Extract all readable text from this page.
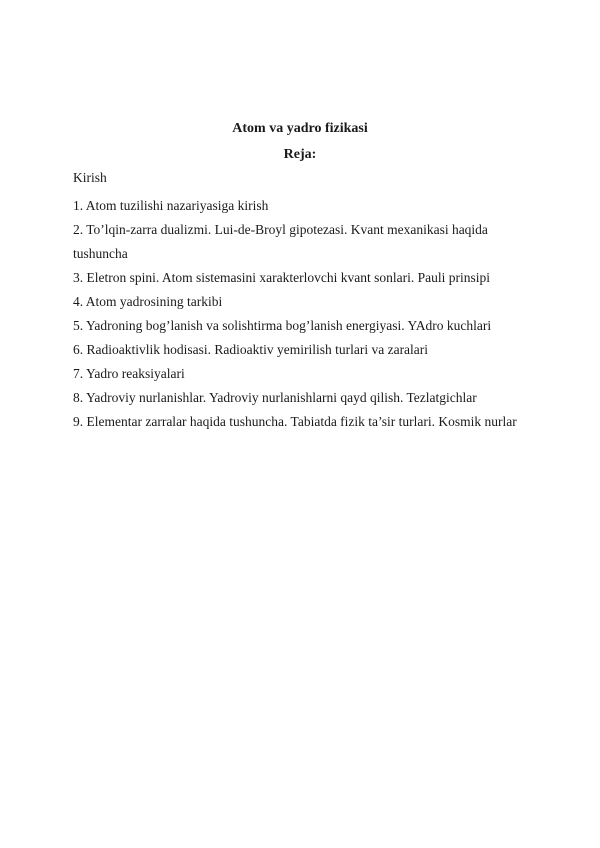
Atom va yadro fizikasi
Reja:

Kirish

1. Atom tuzilishi nazariyasiga kirish
2. To’lqin-zarra dualizmi. Lui-de-Broyl gipotezasi. Kvant mexanikasi haqida tushuncha
3. Eletron spini. Atom sistemasini xarakterlovchi kvant sonlari. Pauli prinsipi
4. Atom yadrosining tarkibi
5. Yadroning bog’lanish va solishtirma bog’lanish energiyasi. YAdro kuchlari
6. Radioaktivlik hodisasi. Radioaktiv yemirilish turlari va zaralari
7. Yadro reaksiyalari
8. Yadroviy nurlanishlar. Yadroviy nurlanishlarni qayd qilish. Tezlatgichlar
9. Elementar zarralar haqida tushuncha. Tabiatda fizik ta’sir turlari. Kosmik nurlar
